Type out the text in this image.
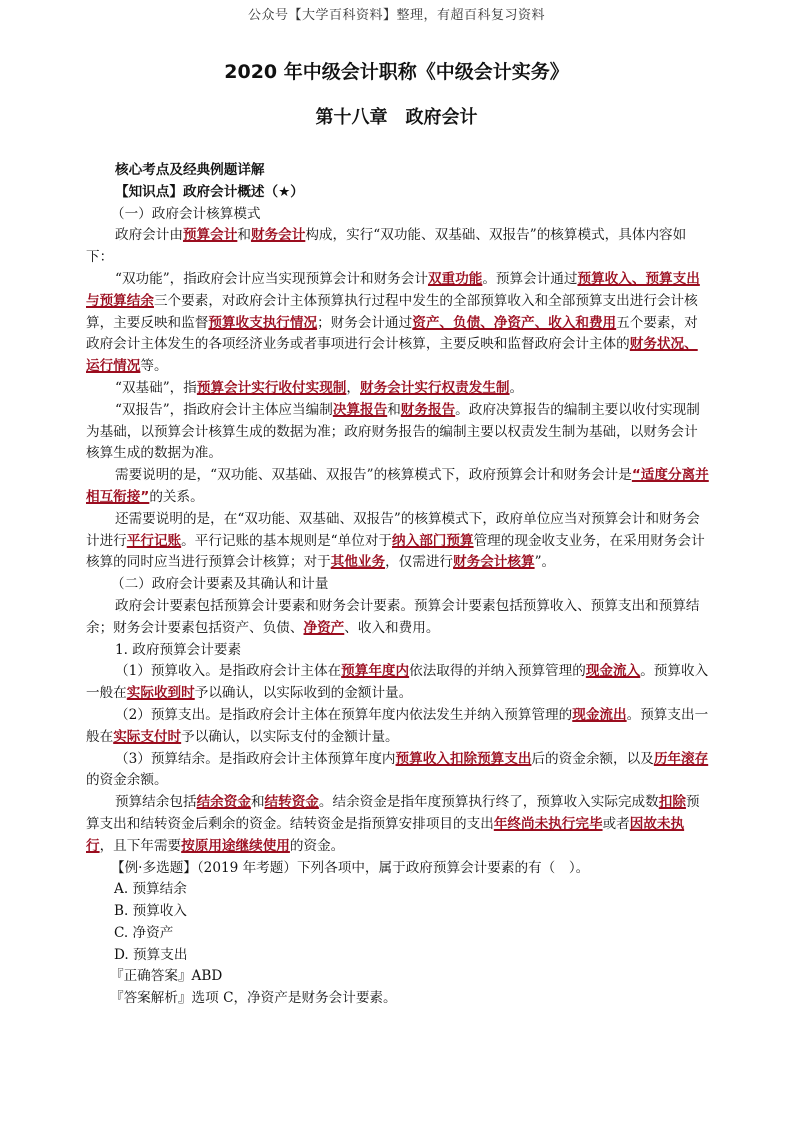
公众号【大学百科资料】整理，有超百科复习资料
2020 年中级会计职称《中级会计实务》
第十八章　政府会计

核心考点及经典例题详解

【知识点】政府会计概述（★）

（一）政府会计核算模式

政府会计由预算会计和财务会计构成，实行“双功能、双基础、双报告”的核算模式，具体内容如下：

“双功能”，指政府会计应当实现预算会计和财务会计双重功能。预算会计通过预算收入、预算支出与预算结余三个要素，对政府会计主体预算执行过程中发生的全部预算收入和全部预算支出进行会计核算，主要反映和监督预算收支执行情况；财务会计通过资产、负债、净资产、收入和费用五个要素，对政府会计主体发生的各项经济业务或者事项进行会计核算，主要反映和监督政府会计主体的财务状况、运行情况等。

“双基础”，指预算会计实行收付实现制，财务会计实行权责发生制。

“双报告”，指政府会计主体应当编制决算报告和财务报告。政府决算报告的编制主要以收付实现制为基础，以预算会计核算生成的数据为准；政府财务报告的编制主要以权责发生制为基础，以财务会计核算生成的数据为准。

需要说明的是，“双功能、双基础、双报告”的核算模式下，政府预算会计和财务会计是“适度分离并相互衔接”的关系。

还需要说明的是，在“双功能、双基础、双报告”的核算模式下，政府单位应当对预算会计和财务会计进行平行记账。平行记账的基本规则是“单位对于纳入部门预算管理的现金收支业务，在采用财务会计核算的同时应当进行预算会计核算；对于其他业务，仅需进行财务会计核算”。

（二）政府会计要素及其确认和计量

政府会计要素包括预算会计要素和财务会计要素。预算会计要素包括预算收入、预算支出和预算结余；财务会计要素包括资产、负债、净资产、收入和费用。

1. 政府预算会计要素

（1）预算收入。是指政府会计主体在预算年度内依法取得的并纳入预算管理的现金流入。预算收入一般在实际收到时予以确认，以实际收到的金额计量。

（2）预算支出。是指政府会计主体在预算年度内依法发生并纳入预算管理的现金流出。预算支出一般在实际支付时予以确认，以实际支付的金额计量。

（3）预算结余。是指政府会计主体预算年度内预算收入扣除预算支出后的资金余额，以及历年滚存的资金余额。

预算结余包括结余资金和结转资金。结余资金是指年度预算执行终了，预算收入实际完成数扣除预算支出和结转资金后剩余的资金。结转资金是指预算安排项目的支出年终尚未执行完毕或者因故未执行，且下年需要按原用途继续使用的资金。

【例·多选题】（2019 年考题）下列各项中，属于政府预算会计要素的有（　）。

A. 预算结余

B. 预算收入

C. 净资产

D. 预算支出

『正确答案』ABD

『答案解析』选项 C，净资产是财务会计要素。
